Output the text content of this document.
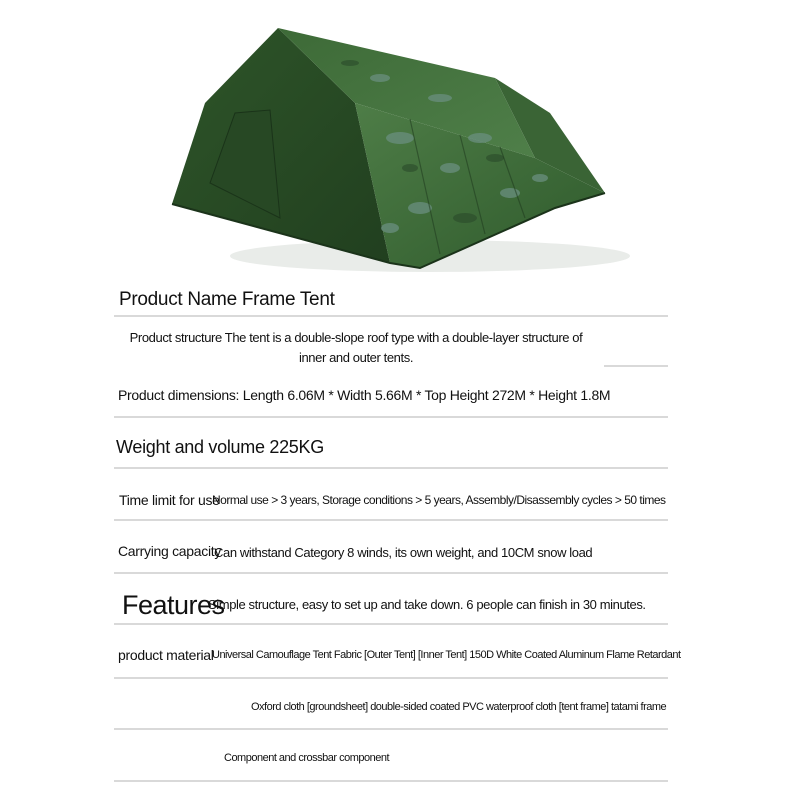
Product Name Frame Tent
Product structure The tent is a double-slope roof type with a double-layer structure of
inner and outer tents.
Product dimensions: Length 6.06M * Width 5.66M * Top Height 272M * Height 1.8M
Weight and volume 225KG
Time limit for use
Normal use > 3 years, Storage conditions > 5 years, Assembly/Disassembly cycles > 50 times
Carrying capacity
Can withstand Category 8 winds, its own weight, and 10CM snow load
Features
Simple structure, easy to set up and take down. 6 people can finish in 30 minutes.
product material
Universal Camouflage Tent Fabric [Outer Tent] [Inner Tent] 150D White Coated Aluminum Flame Retardant
Oxford cloth [groundsheet] double-sided coated PVC waterproof cloth [tent frame] tatami frame
Component and crossbar component
